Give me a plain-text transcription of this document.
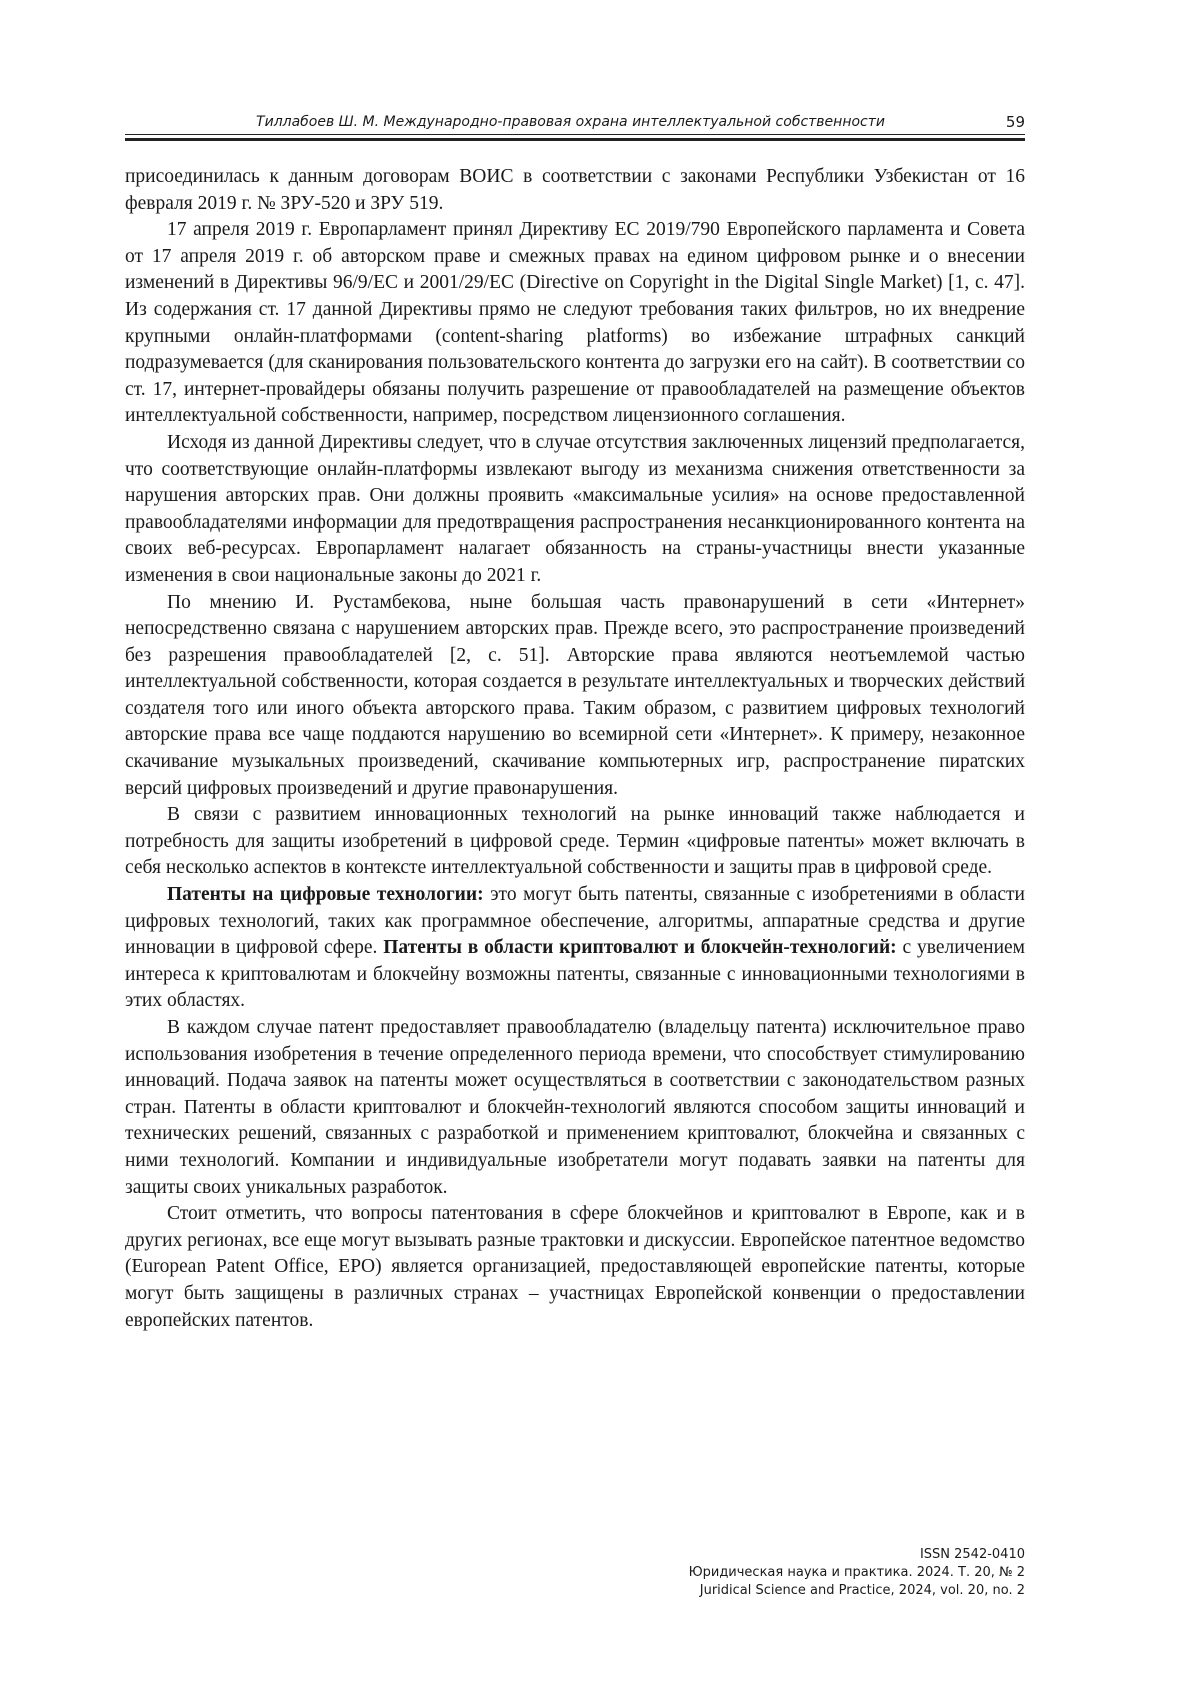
Тиллабоев Ш. М. Международно-правовая охрана интеллектуальной собственности	59

присоединилась к данным договорам ВОИС в соответствии с законами Республики Узбекистан от 16 февраля 2019 г. № ЗРУ-520 и ЗРУ 519.

17 апреля 2019 г. Европарламент принял Директиву ЕС 2019/790 Европейского парламента и Совета от 17 апреля 2019 г. об авторском праве и смежных правах на едином цифровом рынке и о внесении изменений в Директивы 96/9/ЕС и 2001/29/ЕС (Directive on Copyright in the Digital Single Market) [1, с. 47]. Из содержания ст. 17 данной Директивы прямо не следуют требования таких фильтров, но их внедрение крупными онлайн-платформами (content-sharing platforms) во избежание штрафных санкций подразумевается (для сканирования пользовательского контента до загрузки его на сайт). В соответствии со ст. 17, интернет-провайдеры обязаны получить разрешение от правообладателей на размещение объектов интеллектуальной собственности, например, посредством лицензионного соглашения.

Исходя из данной Директивы следует, что в случае отсутствия заключенных лицензий предполагается, что соответствующие онлайн-платформы извлекают выгоду из механизма снижения ответственности за нарушения авторских прав. Они должны проявить «максимальные усилия» на основе предоставленной правообладателями информации для предотвращения распространения несанкционированного контента на своих веб-ресурсах. Европарламент налагает обязанность на страны-участницы внести указанные изменения в свои национальные законы до 2021 г.

По мнению И. Рустамбекова, ныне большая часть правонарушений в сети «Интернет» непосредственно связана с нарушением авторских прав. Прежде всего, это распространение произведений без разрешения правообладателей [2, с. 51]. Авторские права являются неотъемлемой частью интеллектуальной собственности, которая создается в результате интеллектуальных и творческих действий создателя того или иного объекта авторского права. Таким образом, с развитием цифровых технологий авторские права все чаще поддаются нарушению во всемирной сети «Интернет». К примеру, незаконное скачивание музыкальных произведений, скачивание компьютерных игр, распространение пиратских версий цифровых произведений и другие правонарушения.

В связи с развитием инновационных технологий на рынке инноваций также наблюдается и потребность для защиты изобретений в цифровой среде. Термин «цифровые патенты» может включать в себя несколько аспектов в контексте интеллектуальной собственности и защиты прав в цифровой среде.

Патенты на цифровые технологии: это могут быть патенты, связанные с изобретениями в области цифровых технологий, таких как программное обеспечение, алгоритмы, аппаратные средства и другие инновации в цифровой сфере. Патенты в области криптовалют и блокчейн-технологий: с увеличением интереса к криптовалютам и блокчейну возможны патенты, связанные с инновационными технологиями в этих областях.

В каждом случае патент предоставляет правообладателю (владельцу патента) исключительное право использования изобретения в течение определенного периода времени, что способствует стимулированию инноваций. Подача заявок на патенты может осуществляться в соответствии с законодательством разных стран. Патенты в области криптовалют и блокчейн-технологий являются способом защиты инноваций и технических решений, связанных с разработкой и применением криптовалют, блокчейна и связанных с ними технологий. Компании и индивидуальные изобретатели могут подавать заявки на патенты для защиты своих уникальных разработок.

Стоит отметить, что вопросы патентования в сфере блокчейнов и криптовалют в Европе, как и в других регионах, все еще могут вызывать разные трактовки и дискуссии. Европейское патентное ведомство (European Patent Office, EPO) является организацией, предоставляющей европейские патенты, которые могут быть защищены в различных странах – участницах Европейской конвенции о предоставлении европейских патентов.

ISSN 2542-0410
Юридическая наука и практика. 2024. Т. 20, № 2
Juridical Science and Practice, 2024, vol. 20, no. 2
